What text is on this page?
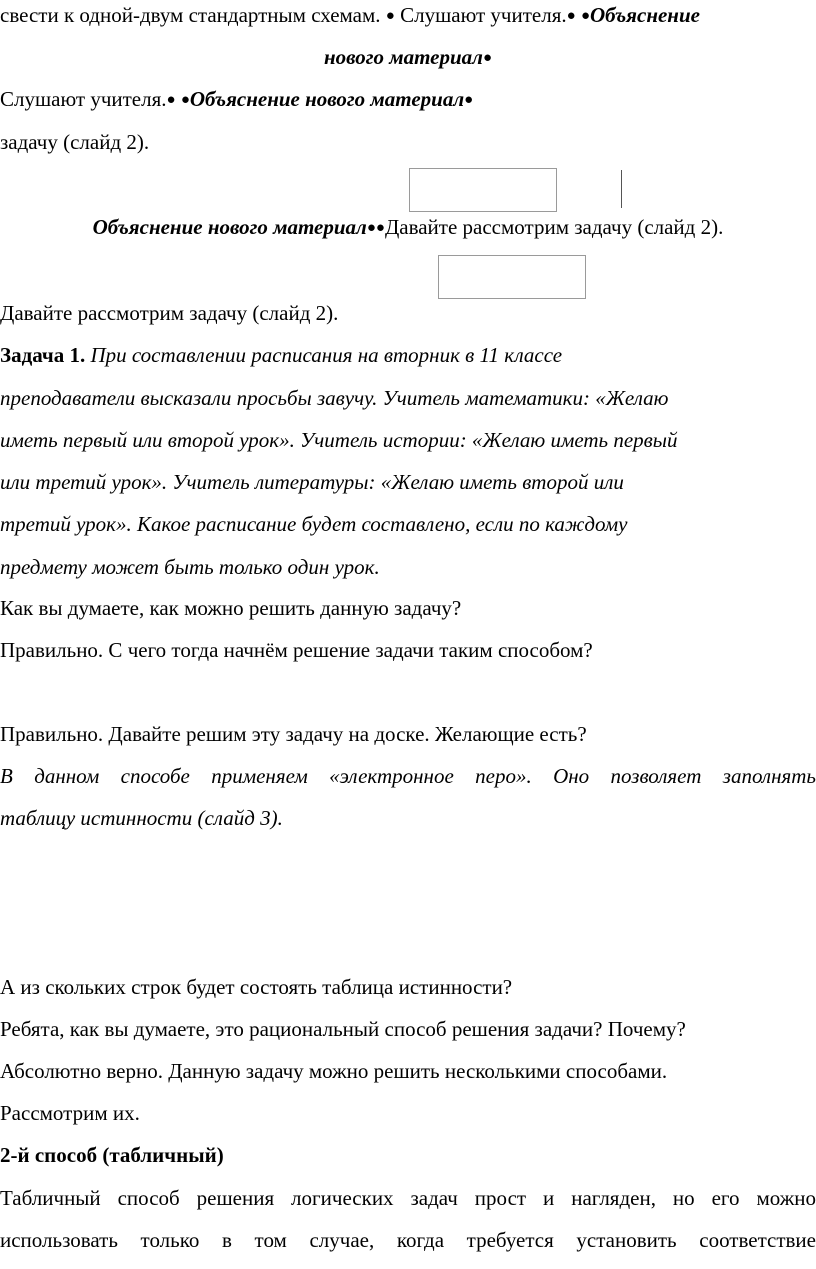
свести к одной-двум стандартным схемам. ● Слушают учителя.● ●Объяснение
нового материал●
Слушают учителя.● ●Объяснение нового материал●
задачу (слайд 2).
Объяснение нового материал●●Давайте рассмотрим задачу (слайд 2).
Давайте рассмотрим задачу (слайд 2).
Задача 1. При составлении расписания на вторник в 11 классе
преподаватели высказали просьбы завучу. Учитель математики: «Желаю
иметь первый или второй урок». Учитель истории: «Желаю иметь первый
или третий урок». Учитель литературы: «Желаю иметь второй или
третий урок». Какое расписание будет составлено, если по каждому
предмету может быть только один урок.
Как вы думаете, как можно решить данную задачу?
Правильно. С чего тогда начнём решение задачи таким способом?
Правильно. Давайте решим эту задачу на доске. Желающие есть?
В данном способе применяем «электронное перо». Оно позволяет заполнять
таблицу истинности (слайд 3).
А из скольких строк будет состоять таблица истинности?
Ребята, как вы думаете, это рациональный способ решения задачи? Почему?
Абсолютно верно. Данную задачу можно решить несколькими способами.
Рассмотрим их.
2-й способ (табличный)
Табличный способ решения логических задач прост и нагляден, но его можно
использовать только в том случае, когда требуется установить соответствие
